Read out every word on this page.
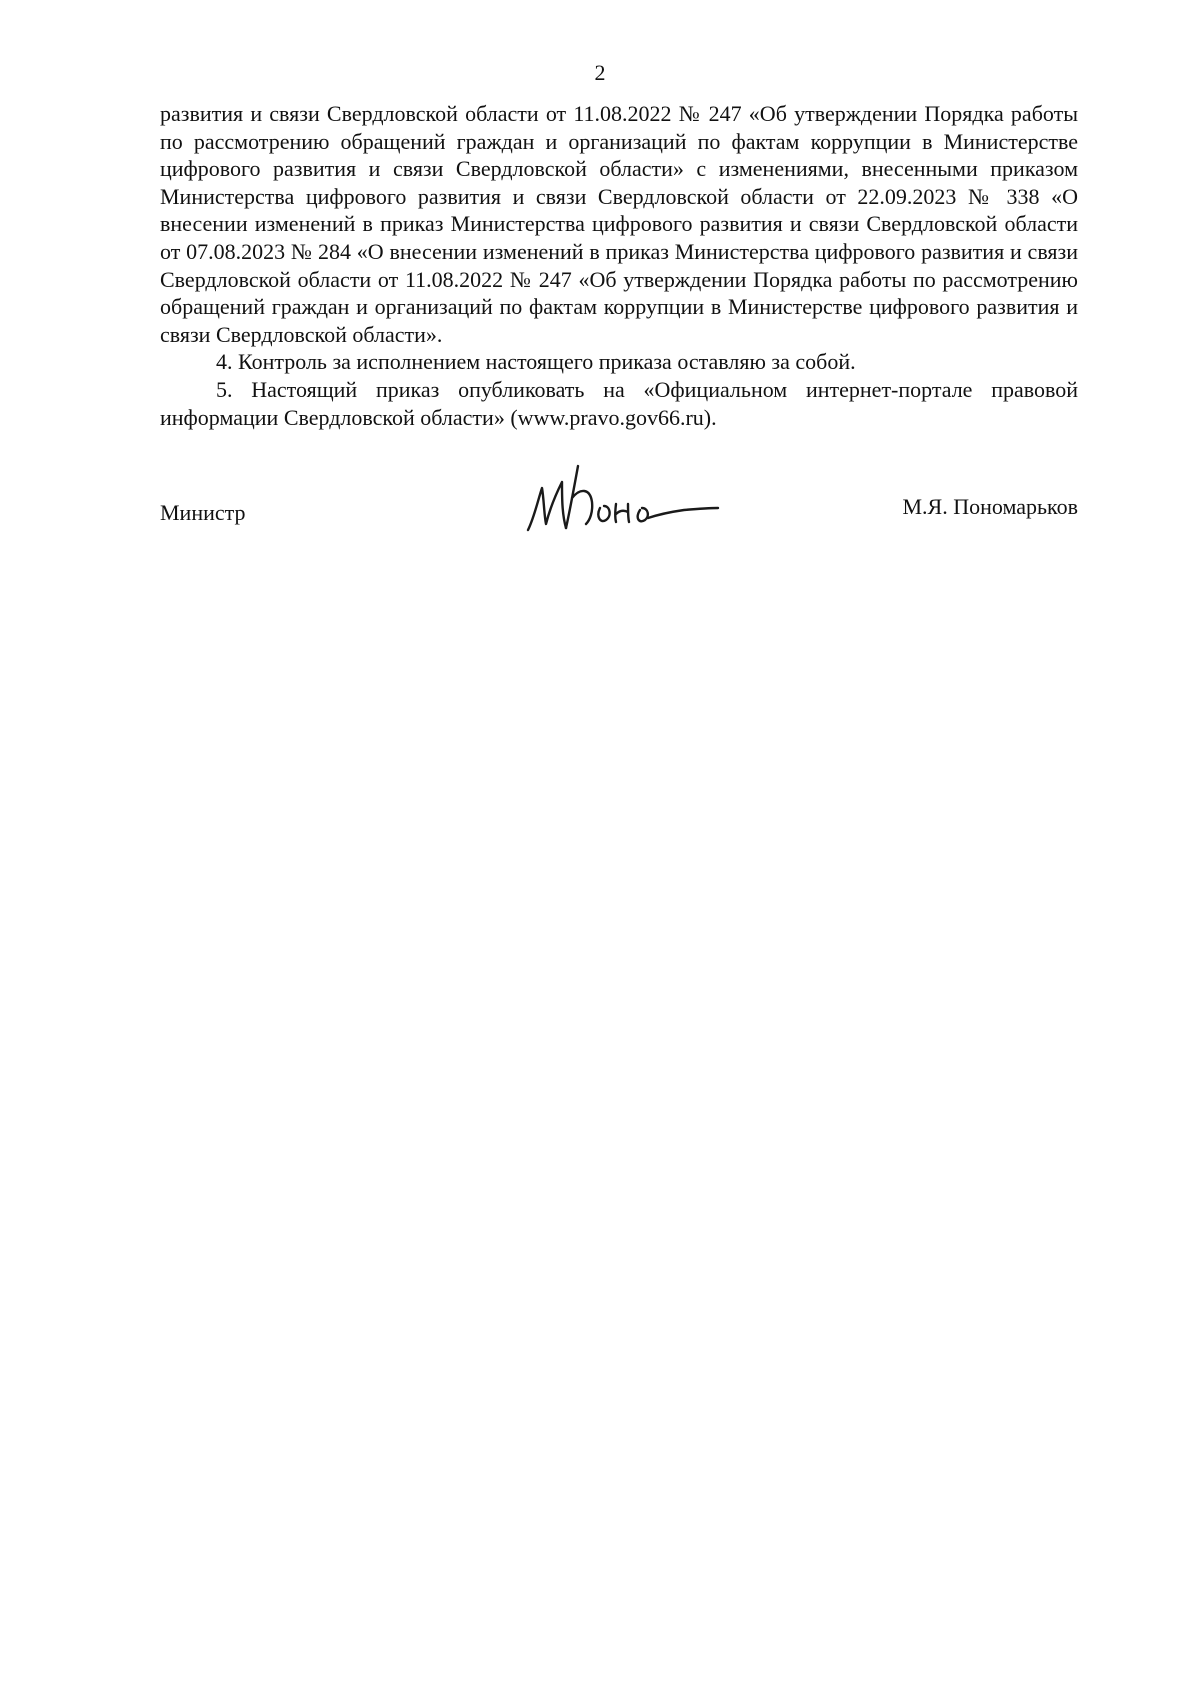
2

развития и связи Свердловской области от 11.08.2022 № 247 «Об утверждении Порядка работы по рассмотрению обращений граждан и организаций по фактам коррупции в Министерстве цифрового развития и связи Свердловской области» с изменениями, внесенными приказом Министерства цифрового развития и связи Свердловской области от 22.09.2023 № 338 «О внесении изменений в приказ Министерства цифрового развития и связи Свердловской области от 07.08.2023 № 284 «О внесении изменений в приказ Министерства цифрового развития и связи Свердловской области от 11.08.2022 № 247 «Об утверждении Порядка работы по рассмотрению обращений граждан и организаций по фактам коррупции в Министерстве цифрового развития и связи Свердловской области».

4. Контроль за исполнением настоящего приказа оставляю за собой.

5. Настоящий приказ опубликовать на «Официальном интернет-портале правовой информации Свердловской области» (www.pravo.gov66.ru).

Министр	М.Я. Пономарьков
